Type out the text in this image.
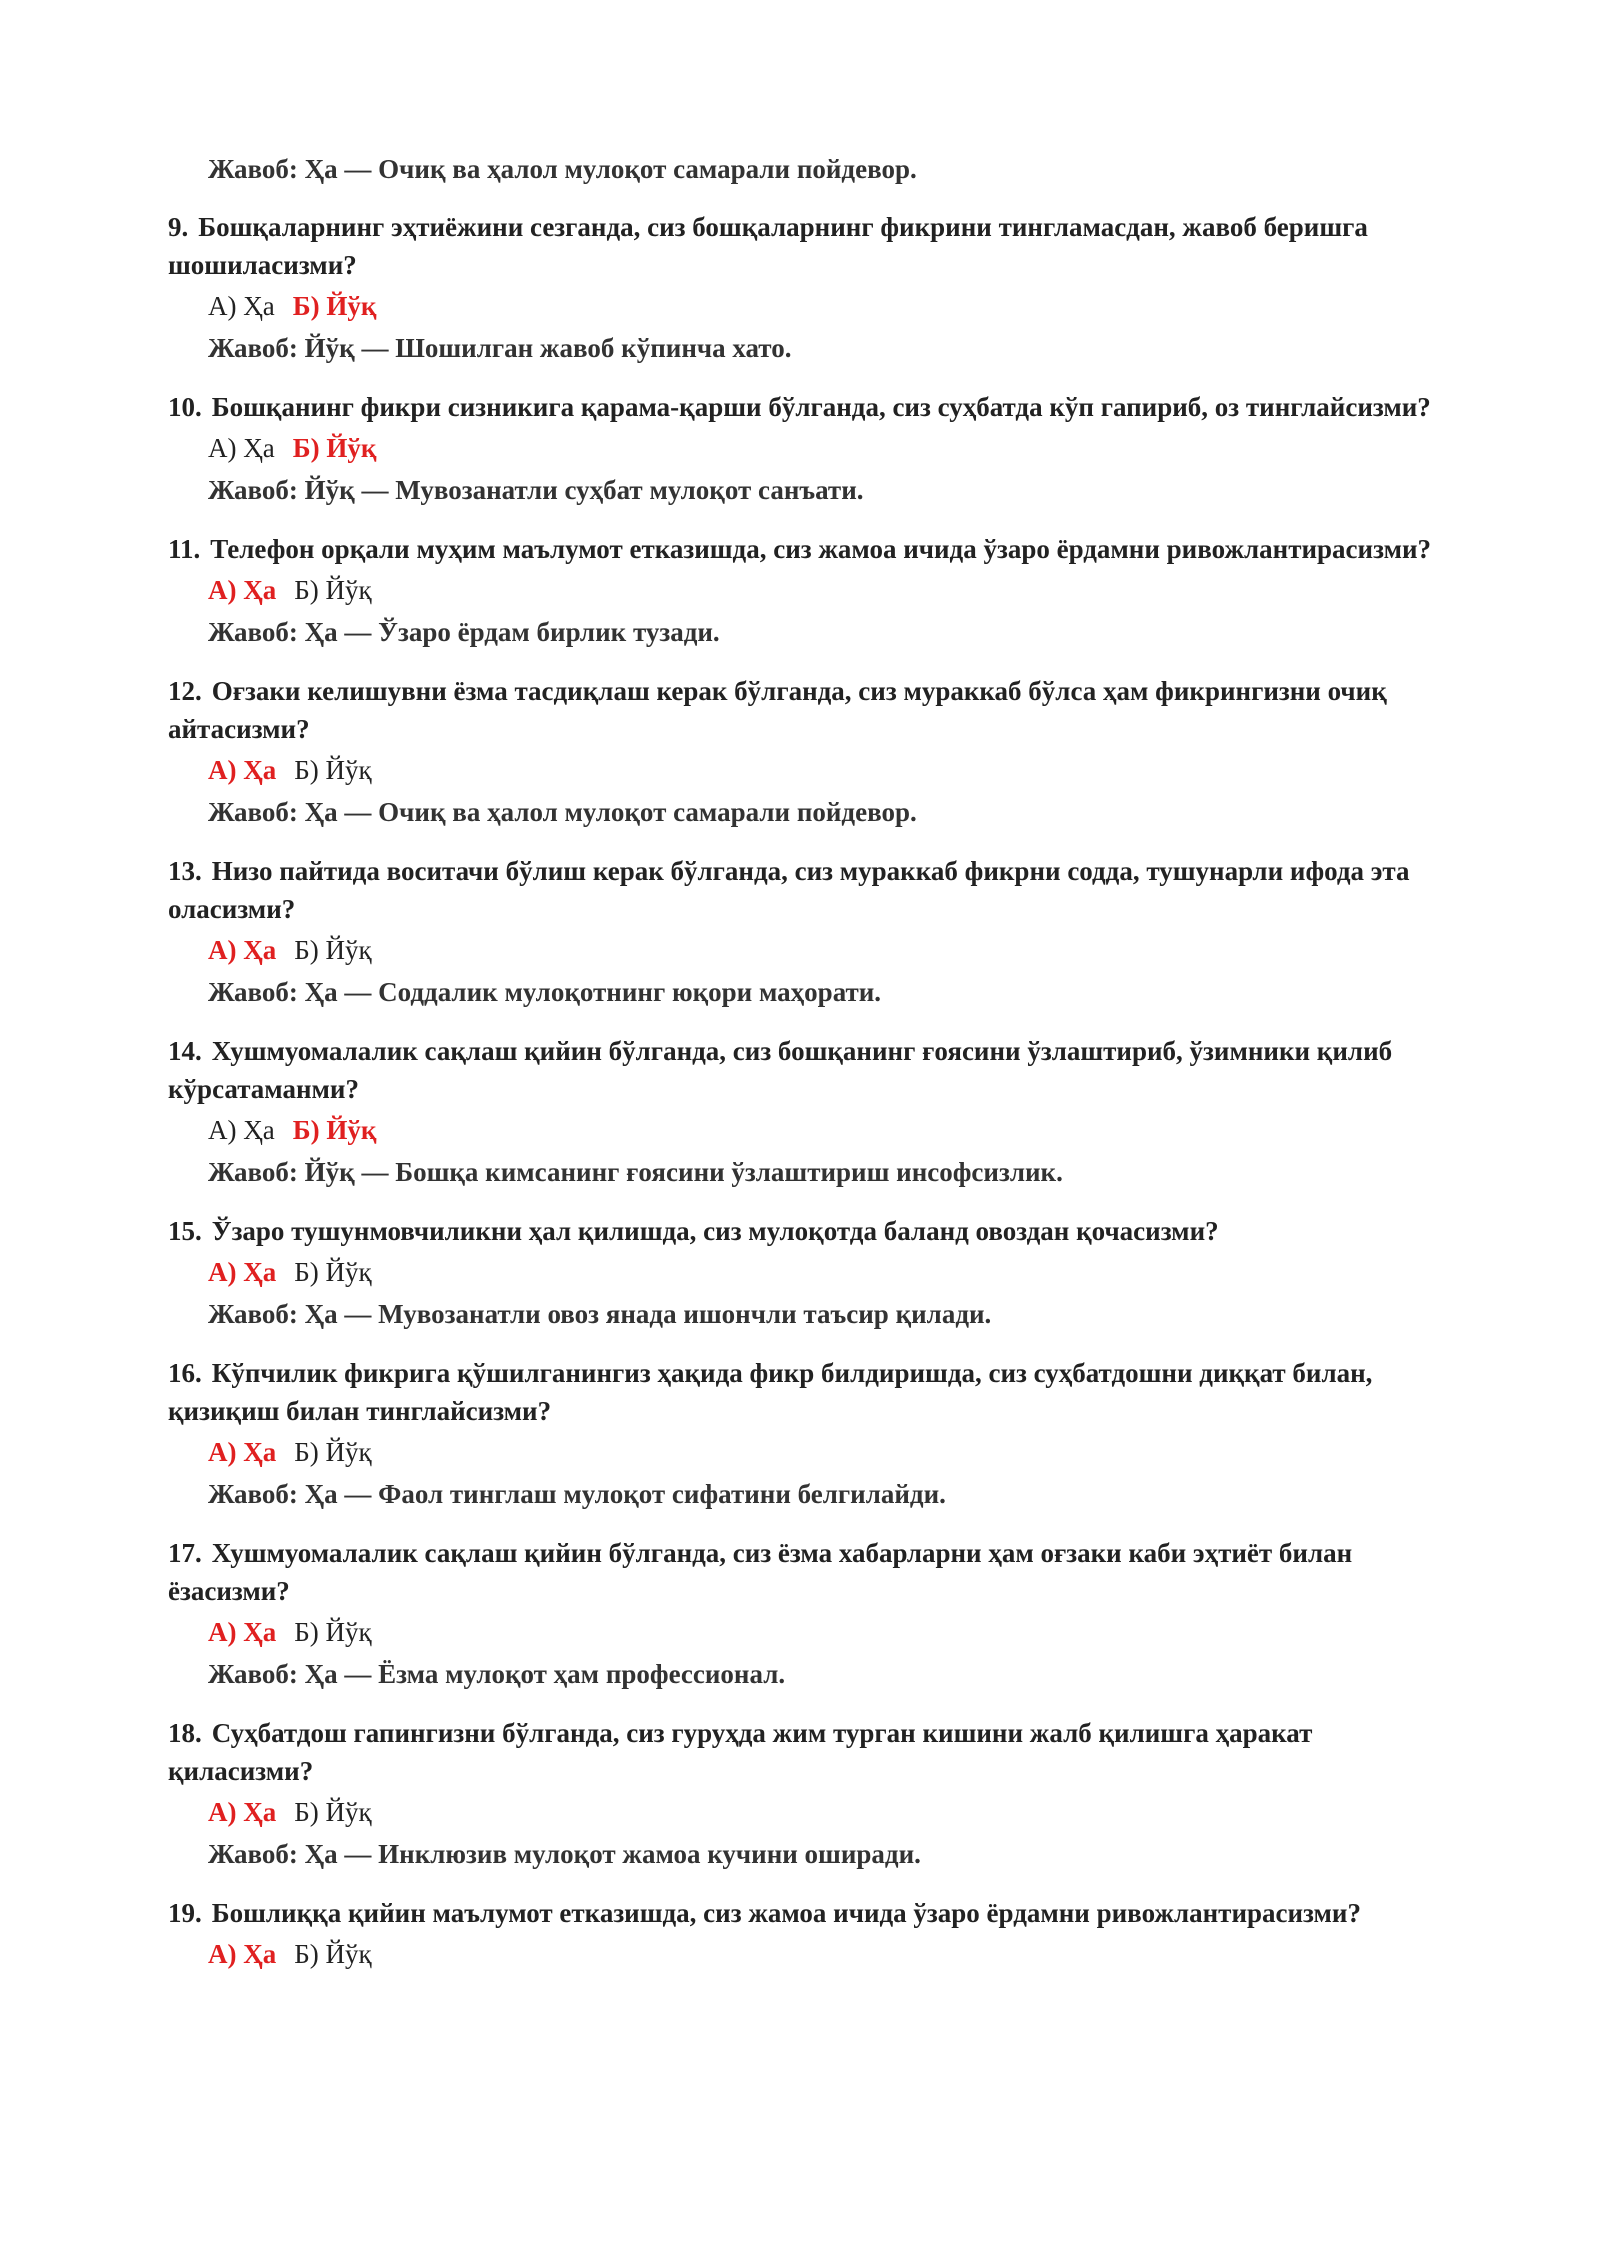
Жавоб: Ҳа — Очиқ ва ҳалол мулоқот самарали пойдевор.

9. Бошқаларнинг эҳтиёжини сезганда, сиз бошқаларнинг фикрини тингламасдан, жавоб беришга шошиласизми?

А) Ҳа Б) Йўқ
Жавоб: Йўқ — Шошилган жавоб кўпинча хато.

10. Бошқанинг фикри сизникига қарама-қарши бўлганда, сиз суҳбатда кўп гапириб, оз тинглайсизми?

А) Ҳа Б) Йўқ
Жавоб: Йўқ — Мувозанатли суҳбат мулоқот санъати.

11. Телефон орқали муҳим маълумот етказишда, сиз жамоа ичида ўзаро ёрдамни ривожлантирасизми?

А) Ҳа Б) Йўқ
Жавоб: Ҳа — Ўзаро ёрдам бирлик тузади.

12. Оғзаки келишувни ёзма тасдиқлаш керак бўлганда, сиз мураккаб бўлса ҳам фикрингизни очиқ айтасизми?

А) Ҳа Б) Йўқ
Жавоб: Ҳа — Очиқ ва ҳалол мулоқот самарали пойдевор.

13. Низо пайтида воситачи бўлиш керак бўлганда, сиз мураккаб фикрни содда, тушунарли ифода эта оласизми?

А) Ҳа Б) Йўқ
Жавоб: Ҳа — Соддалик мулоқотнинг юқори маҳорати.

14. Хушмуомалалик сақлаш қийин бўлганда, сиз бошқанинг ғоясини ўзлаштириб, ўзимники қилиб кўрсатаманми?

А) Ҳа Б) Йўқ
Жавоб: Йўқ — Бошқа кимсанинг ғоясини ўзлаштириш инсофсизлик.

15. Ўзаро тушунмовчиликни ҳал қилишда, сиз мулоқотда баланд овоздан қочасизми?

А) Ҳа Б) Йўқ
Жавоб: Ҳа — Мувозанатли овоз янада ишончли таъсир қилади.

16. Кўпчилик фикрига қўшилганингиз ҳақида фикр билдиришда, сиз суҳбатдошни диққат билан, қизиқиш билан тинглайсизми?

А) Ҳа Б) Йўқ
Жавоб: Ҳа — Фаол тинглаш мулоқот сифатини белгилайди.

17. Хушмуомалалик сақлаш қийин бўлганда, сиз ёзма хабарларни ҳам оғзаки каби эҳтиёт билан ёзасизми?

А) Ҳа Б) Йўқ
Жавоб: Ҳа — Ёзма мулоқот ҳам профессионал.

18. Суҳбатдош гапингизни бўлганда, сиз гуруҳда жим турган кишини жалб қилишга ҳаракат қиласизми?

А) Ҳа Б) Йўқ
Жавоб: Ҳа — Инклюзив мулоқот жамоа кучини оширади.

19. Бошлиққа қийин маълумот етказишда, сиз жамоа ичида ўзаро ёрдамни ривожлантирасизми?

А) Ҳа Б) Йўқ
